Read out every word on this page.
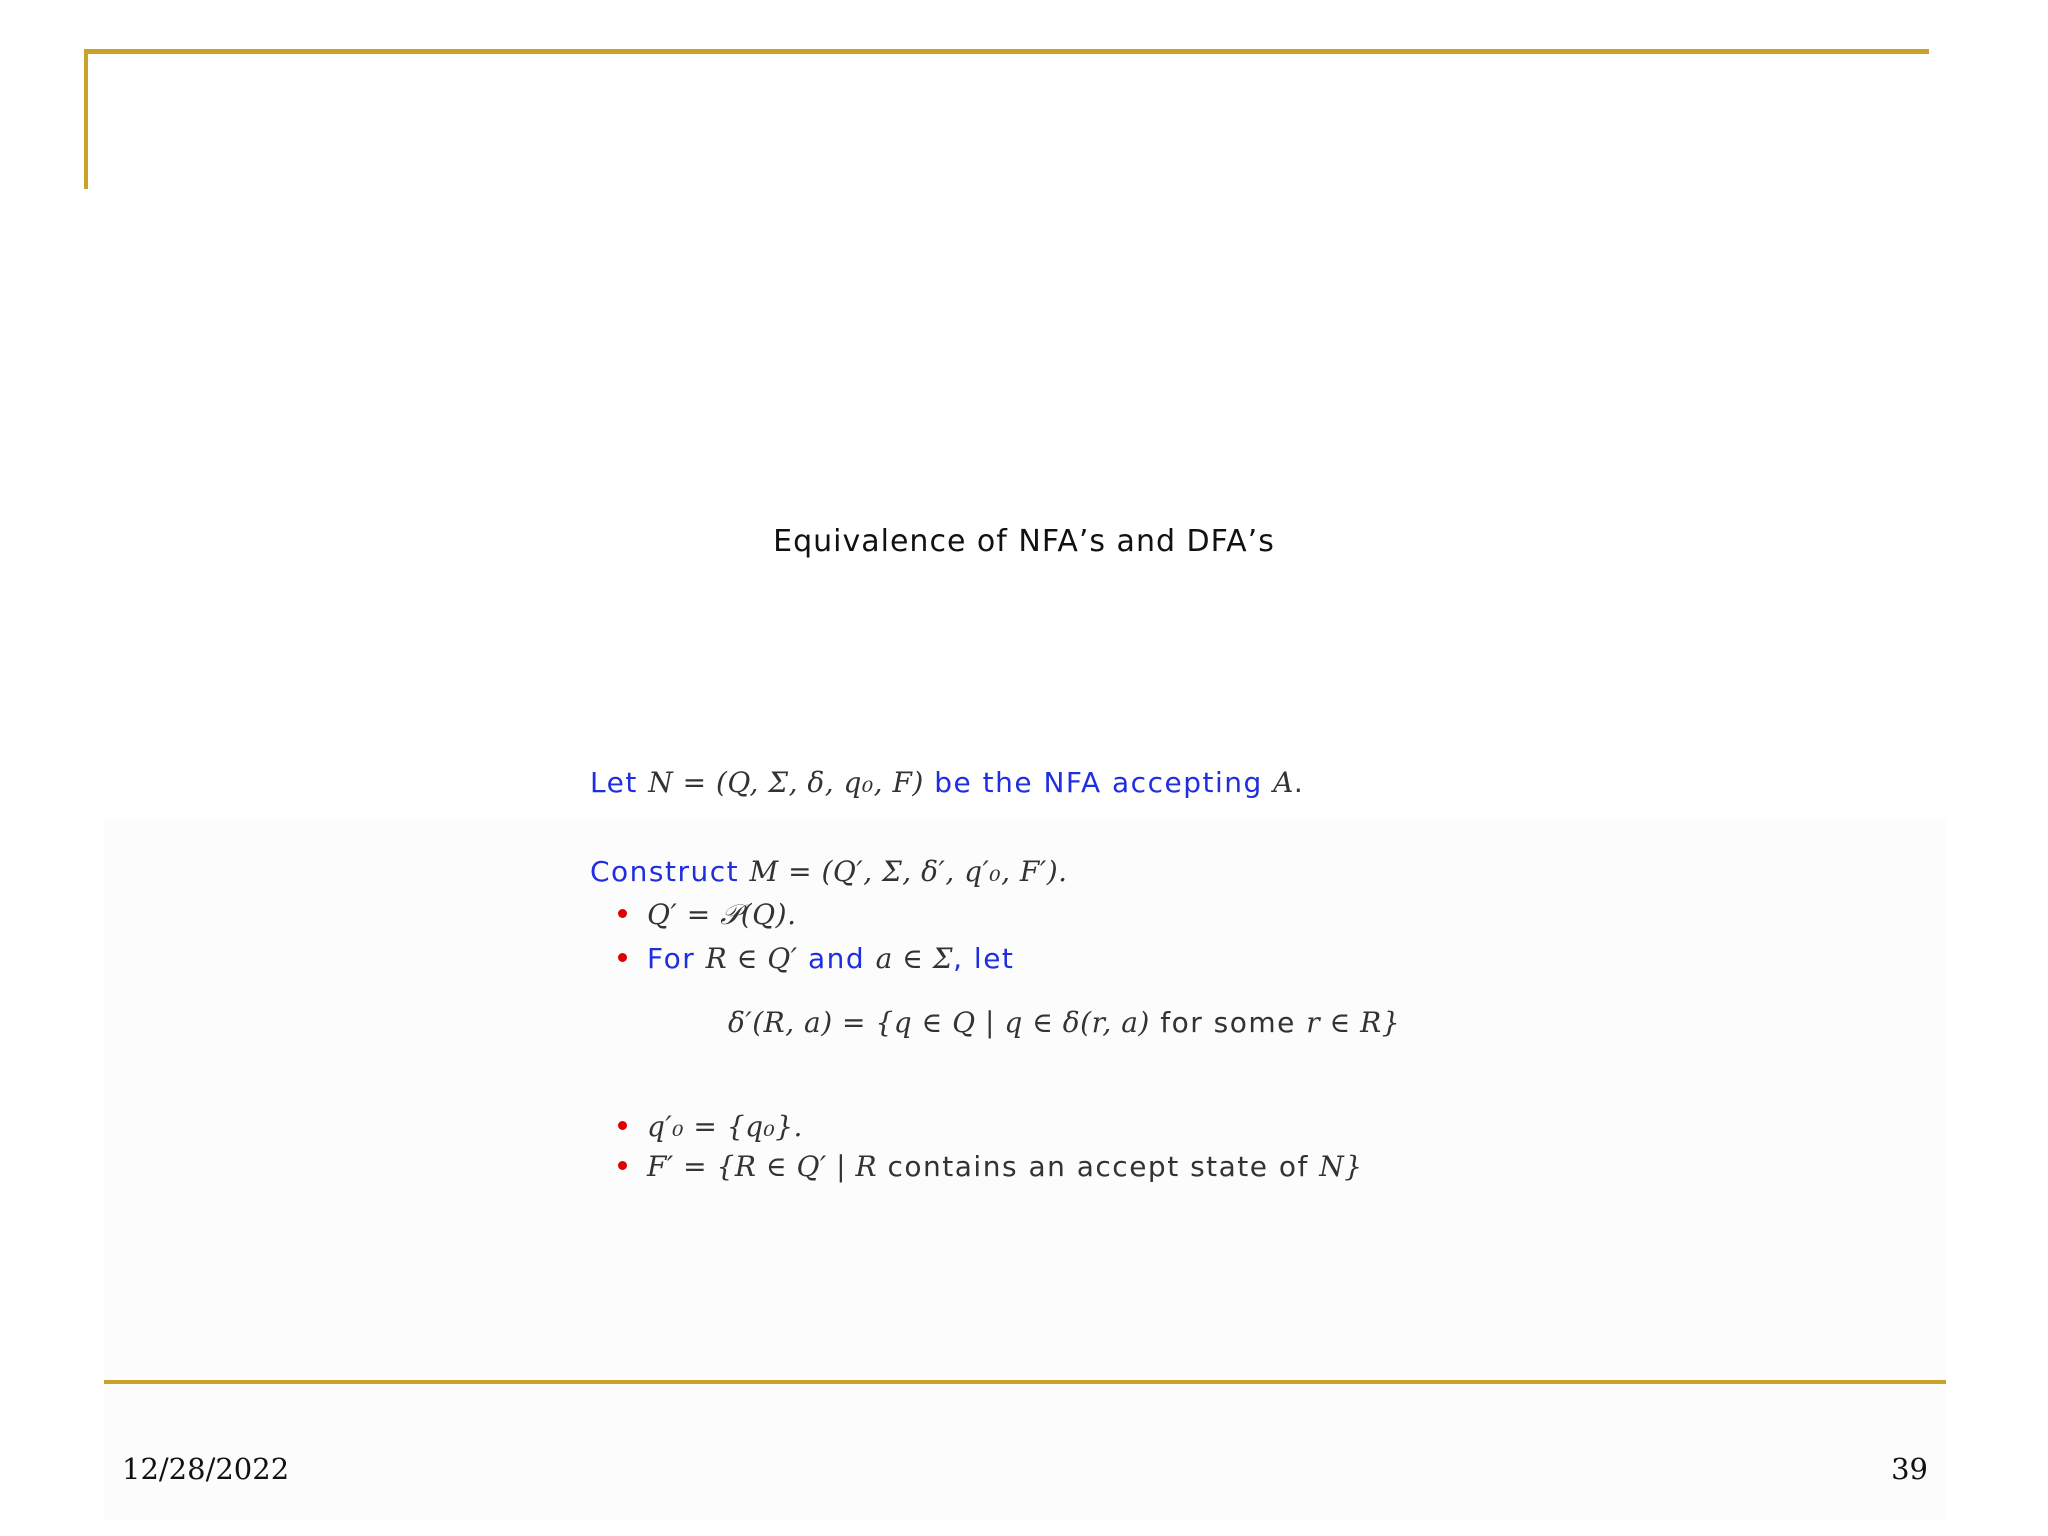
Equivalence of NFA’s and DFA’s
Let N = (Q, Σ, δ, q₀, F) be the NFA accepting A.
Construct M = (Q′, Σ, δ′, q′₀, F′).
Q′ = 𝒫(Q).
For R ∈ Q′ and a ∈ Σ, let
δ′(R, a) = {q ∈ Q | q ∈ δ(r, a) for some r ∈ R}
q′₀ = {q₀}.
F′ = {R ∈ Q′ | R contains an accept state of N}
12/28/2022	39
